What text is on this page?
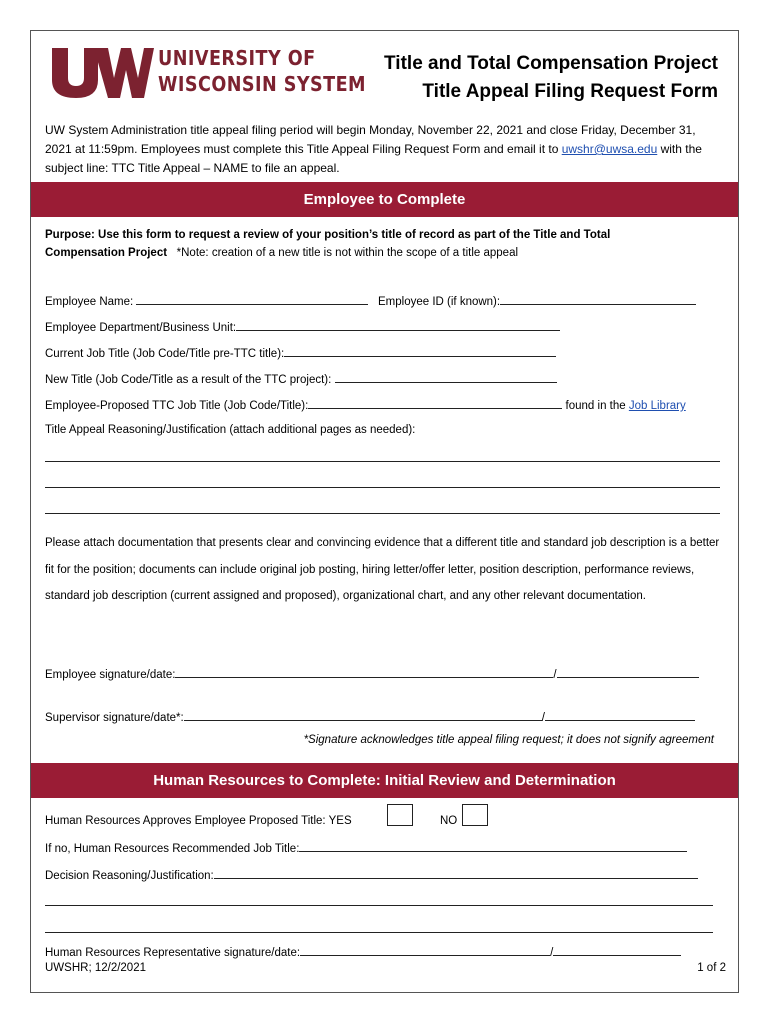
UNIVERSITY OF
WISCONSIN SYSTEM
Title and Total Compensation Project
Title Appeal Filing Request Form
UW System Administration title appeal filing period will begin Monday, November 22, 2021 and close Friday, December 31, 2021 at 11:59pm. Employees must complete this Title Appeal Filing Request Form and email it to uwshr@uwsa.edu with the subject line: TTC Title Appeal – NAME to file an appeal.
Employee to Complete
Purpose: Use this form to request a review of your position’s title of record as part of the Title and Total
Compensation Project *Note: creation of a new title is not within the scope of a title appeal
Employee Name:	Employee ID (if known):
Employee Department/Business Unit:
Current Job Title (Job Code/Title pre-TTC title):
New Title (Job Code/Title as a result of the TTC project):
Employee-Proposed TTC Job Title (Job Code/Title):	found in the Job Library
Title Appeal Reasoning/Justification (attach additional pages as needed):
Please attach documentation that presents clear and convincing evidence that a different title and standard job description is a better fit for the position; documents can include original job posting, hiring letter/offer letter, position description, performance reviews, standard job description (current assigned and proposed), organizational chart, and any other relevant documentation.
Employee signature/date:	/
Supervisor signature/date*:	/
*Signature acknowledges title appeal filing request; it does not signify agreement
Human Resources to Complete: Initial Review and Determination
Human Resources Approves Employee Proposed Title: YES	NO
If no, Human Resources Recommended Job Title:
Decision Reasoning/Justification:
Human Resources Representative signature/date:	/
UWSHR; 12/2/2021	1 of 2
